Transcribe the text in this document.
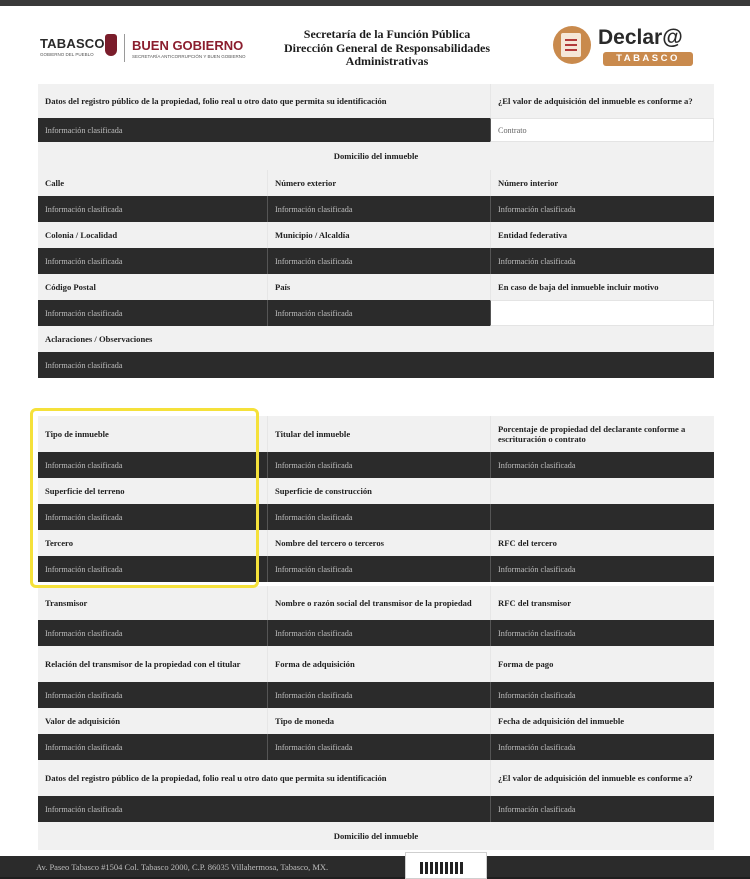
TABASCO
GOBIERNO DEL PUEBLO
BUEN GOBIERNO
SECRETARÍA ANTICORRUPCIÓN Y BUEN GOBIERNO
Secretaría de la Función Pública
Dirección General de Responsabilidades
Administrativas
Declar@
TABASCO
Datos del registro público de la propiedad, folio real u otro dato que permita su identificación	¿El valor de adquisición del inmueble es conforme a?
Información clasificada	Contrato
Domicilio del inmueble
Calle	Número exterior	Número interior
Información clasificada	Información clasificada	Información clasificada
Colonia / Localidad	Municipio / Alcaldía	Entidad federativa
Información clasificada	Información clasificada	Información clasificada
Código Postal	País	En caso de baja del inmueble incluir motivo
Información clasificada	Información clasificada
Aclaraciones / Observaciones
Información clasificada
Tipo de inmueble	Titular del inmueble	Porcentaje de propiedad del declarante conforme a escrituración o contrato
Información clasificada	Información clasificada	Información clasificada
Superficie del terreno	Superficie de construcción
Información clasificada	Información clasificada
Tercero	Nombre del tercero o terceros	RFC del tercero
Información clasificada	Información clasificada	Información clasificada
Transmisor	Nombre o razón social del transmisor de la propiedad	RFC del transmisor
Información clasificada	Información clasificada	Información clasificada
Relación del transmisor de la propiedad con el titular	Forma de adquisición	Forma de pago
Información clasificada	Información clasificada	Información clasificada
Valor de adquisición	Tipo de moneda	Fecha de adquisición del inmueble
Información clasificada	Información clasificada	Información clasificada
Datos del registro público de la propiedad, folio real u otro dato que permita su identificación	¿El valor de adquisición del inmueble es conforme a?
Información clasificada	Información clasificada
Domicilio del inmueble
Av. Paseo Tabasco #1504 Col. Tabasco 2000, C.P. 86035 Villahermosa, Tabasco, MX.
